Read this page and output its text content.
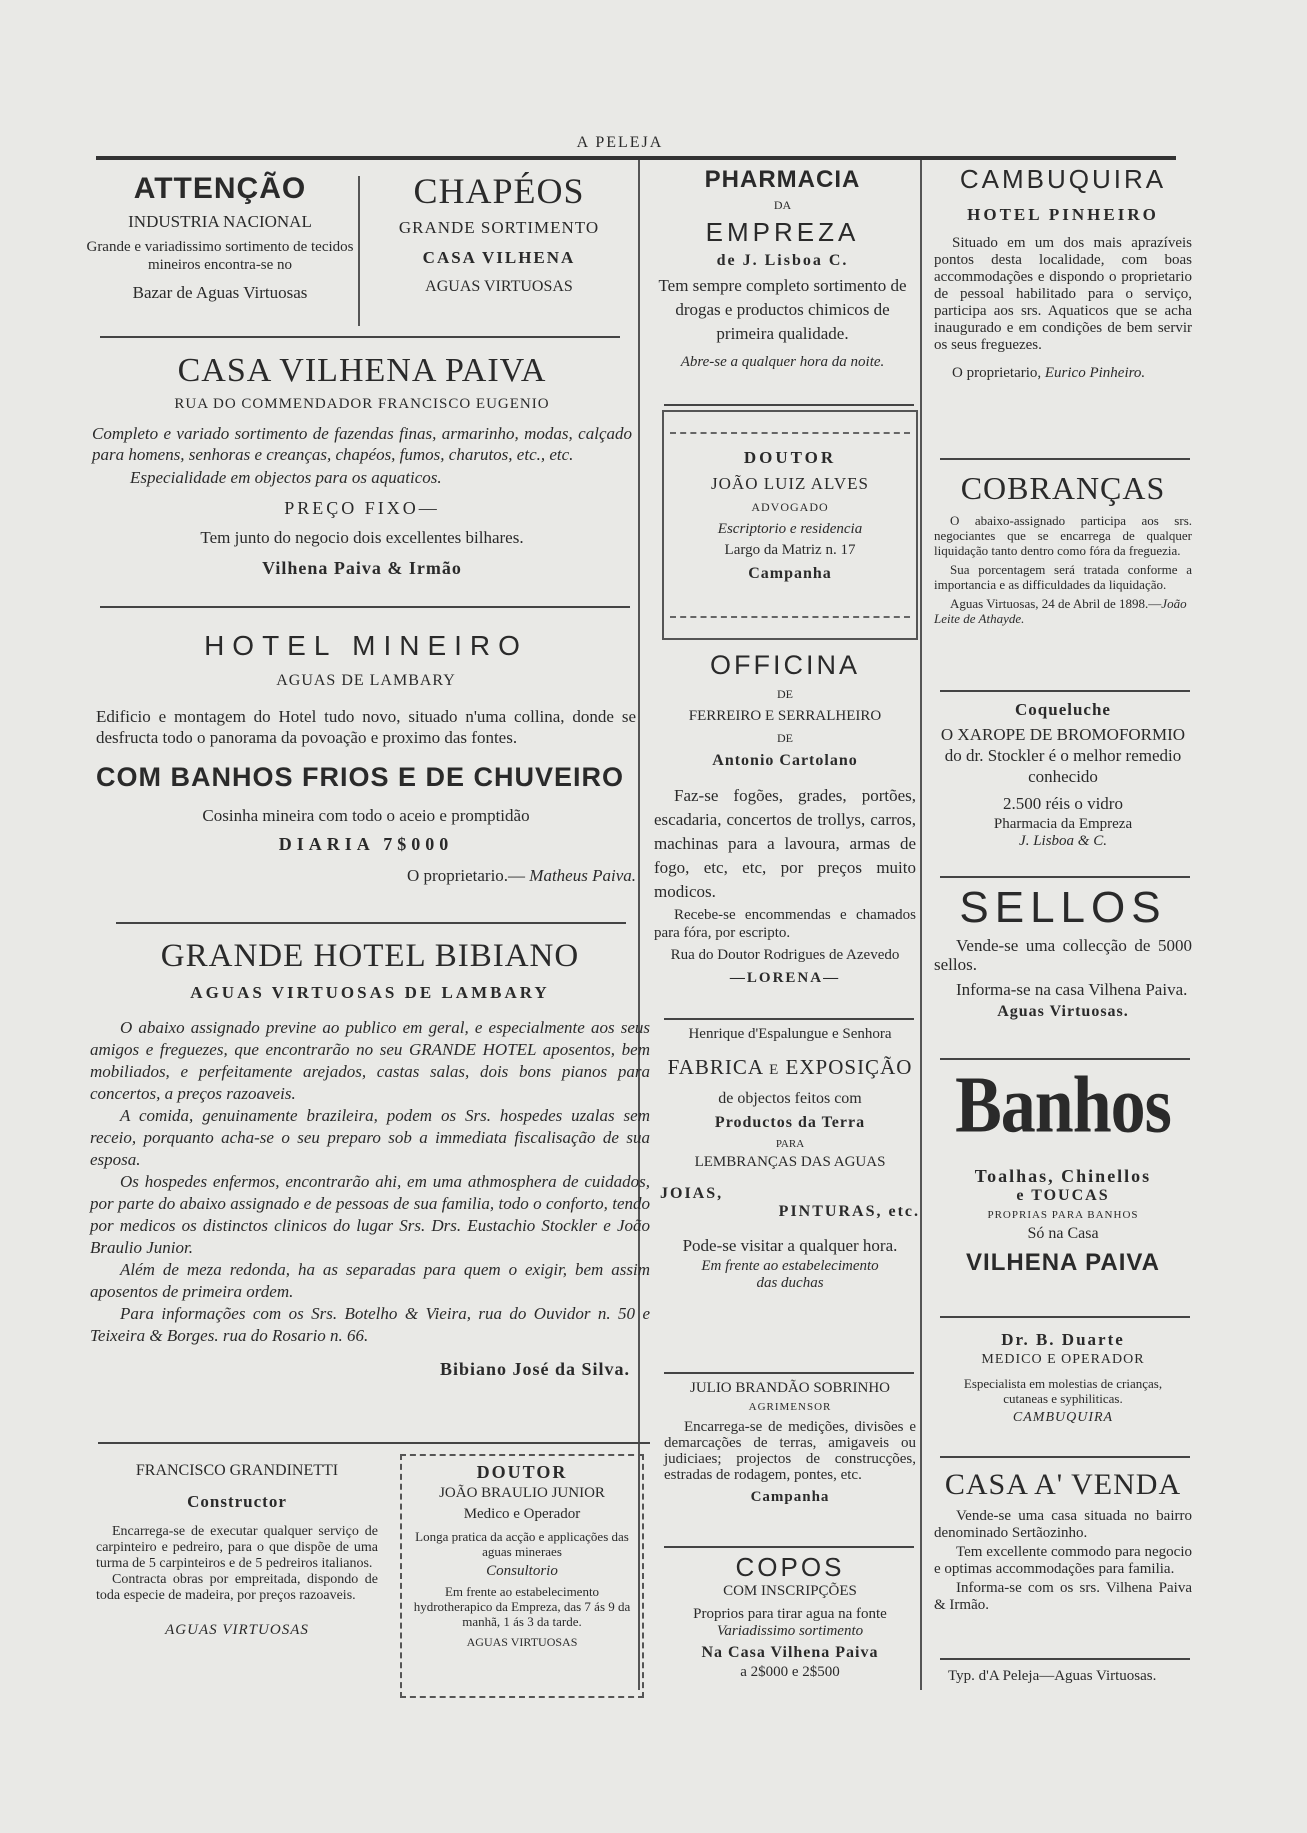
A PELEJA
ATTENÇÃO
INDUSTRIA NACIONAL
Grande e variadissimo sortimento de tecidos mineiros encontra-se no
Bazar de Aguas Virtuosas
CHAPÉOS
GRANDE SORTIMENTO
CASA VILHENA
AGUAS VIRTUOSAS
CASA VILHENA PAIVA
RUA DO COMMENDADOR FRANCISCO EUGENIO
Completo e variado sortimento de fazendas finas, armarinho, modas, calçado para homens, senhoras e creanças, chapéos, fumos, charutos, etc., etc.
Especialidade em objectos para os aquaticos.
PREÇO FIXO—
Tem junto do negocio dois excellentes bilhares.
Vilhena Paiva & Irmão
HOTEL MINEIRO
AGUAS DE LAMBARY
Edificio e montagem do Hotel tudo novo, situado n'uma collina, donde se desfructa todo o panorama da povoação e proximo das fontes.
COM BANHOS FRIOS E DE CHUVEIRO
Cosinha mineira com todo o aceio e promptidão
DIARIA 7$000
O proprietario.— Matheus Paiva.
GRANDE HOTEL BIBIANO
AGUAS VIRTUOSAS DE LAMBARY
O abaixo assignado previne ao publico em geral, e especialmente aos seus amigos e freguezes, que encontrarão no seu GRANDE HOTEL aposentos, bem mobiliados, e perfeitamente arejados, castas salas, dois bons pianos para concertos, a preços razoaveis.
A comida, genuinamente brazileira, podem os Srs. hospedes uzalas sem receio, porquanto acha-se o seu preparo sob a immediata fiscalisação de sua esposa.
Os hospedes enfermos, encontrarão ahi, em uma athmosphera de cuidados, por parte do abaixo assignado e de pessoas de sua familia, todo o conforto, tendo por medicos os distinctos clinicos do lugar Srs. Drs. Eustachio Stockler e João Braulio Junior.
Além de meza redonda, ha as separadas para quem o exigir, bem assim aposentos de primeira ordem.
Para informações com os Srs. Botelho & Vieira, rua do Ouvidor n. 50 e Teixeira & Borges. rua do Rosario n. 66.
Bibiano José da Silva.
FRANCISCO GRANDINETTI
Constructor
Encarrega-se de executar qualquer serviço de carpinteiro e pedreiro, para o que dispõe de uma turma de 5 carpinteiros e de 5 pedreiros italianos.
Contracta obras por empreitada, dispondo de toda especie de madeira, por preços razoaveis.
AGUAS VIRTUOSAS
DOUTOR
JOÃO BRAULIO JUNIOR
Medico e Operador
Longa pratica da acção e applicações das aguas mineraes
Consultorio
Em frente ao estabelecimento hydrotherapico da Empreza, das 7 ás 9 da manhã, 1 ás 3 da tarde.
AGUAS VIRTUOSAS
PHARMACIA
DA
EMPREZA
de J. Lisboa C.
Tem sempre completo sortimento de drogas e productos chimicos de primeira qualidade.
Abre-se a qualquer hora da noite.
DOUTOR
JOÃO LUIZ ALVES
ADVOGADO
Escriptorio e residencia
Largo da Matriz n. 17
Campanha
OFFICINA
DE
FERREIRO E SERRALHEIRO
DE
Antonio Cartolano
Faz-se fogões, grades, portões, escadaria, concertos de trollys, carros, machinas para a lavoura, armas de fogo, etc, etc, por preços muito modicos.
Recebe-se encommendas e chamados para fóra, por escripto.
Rua do Doutor Rodrigues de Azevedo
—LORENA—
Henrique d'Espalungue e Senhora
FABRICA e EXPOSIÇÃO
de objectos feitos com
Productos da Terra
PARA
LEMBRANÇAS DAS AGUAS
JOIAS,
PINTURAS, etc.
Pode-se visitar a qualquer hora.
Em frente ao estabelecimento das duchas
JULIO BRANDÃO SOBRINHO
AGRIMENSOR
Encarrega-se de medições, divisões e demarcações de terras, amigaveis ou judiciaes; projectos de construcções, estradas de rodagem, pontes, etc.
Campanha
COPOS
COM INSCRIPÇÕES
Proprios para tirar agua na fonte
Variadissimo sortimento
Na Casa Vilhena Paiva
a 2$000 e 2$500
CAMBUQUIRA
HOTEL PINHEIRO
Situado em um dos mais aprazíveis pontos desta localidade, com boas accommodações e dispondo o proprietario de pessoal habilitado para o serviço, participa aos srs. Aquaticos que se acha inaugurado e em condições de bem servir os seus freguezes.
O proprietario, Eurico Pinheiro.
COBRANÇAS
O abaixo-assignado participa aos srs. negociantes que se encarrega de qualquer liquidação tanto dentro como fóra da freguezia.
Sua porcentagem será tratada conforme a importancia e as difficuldades da liquidação.
Aguas Virtuosas, 24 de Abril de 1898.—João Leite de Athayde.
Coqueluche
O XAROPE DE BROMOFORMIO do dr. Stockler é o melhor remedio conhecido
2.500 réis o vidro
Pharmacia da Empreza
J. Lisboa & C.
SELLOS
Vende-se uma collecção de 5000 sellos.
Informa-se na casa Vilhena Paiva.
Aguas Virtuosas.
Banhos
Toalhas, Chinellos
e TOUCAS
PROPRIAS PARA BANHOS
Só na Casa
VILHENA PAIVA
Dr. B. Duarte
MEDICO E OPERADOR
Especialista em molestias de crianças, cutaneas e syphiliticas.
CAMBUQUIRA
CASA A' VENDA
Vende-se uma casa situada no bairro denominado Sertãozinho.
Tem excellente commodo para negocio e optimas accommodações para familia.
Informa-se com os srs. Vilhena Paiva & Irmão.
Typ. d'A Peleja—Aguas Virtuosas.
